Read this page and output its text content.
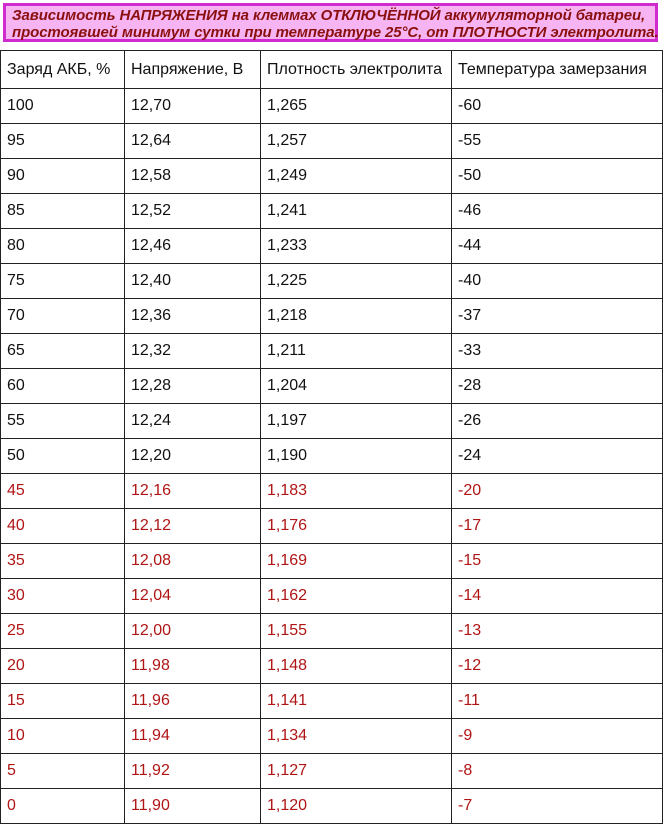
Зависимость НАПРЯЖЕНИЯ на клеммах ОТКЛЮЧЁННОЙ аккумуляторной батареи,
простоявшей минимум сутки при температуре 25°С, от ПЛОТНОСТИ электролита.
Заряд АКБ, %	Напряжение, В	Плотность электролита	Температура замерзания
100	12,70	1,265	-60
95	12,64	1,257	-55
90	12,58	1,249	-50
85	12,52	1,241	-46
80	12,46	1,233	-44
75	12,40	1,225	-40
70	12,36	1,218	-37
65	12,32	1,211	-33
60	12,28	1,204	-28
55	12,24	1,197	-26
50	12,20	1,190	-24
45	12,16	1,183	-20
40	12,12	1,176	-17
35	12,08	1,169	-15
30	12,04	1,162	-14
25	12,00	1,155	-13
20	11,98	1,148	-12
15	11,96	1,141	-11
10	11,94	1,134	-9
5	11,92	1,127	-8
0	11,90	1,120	-7
